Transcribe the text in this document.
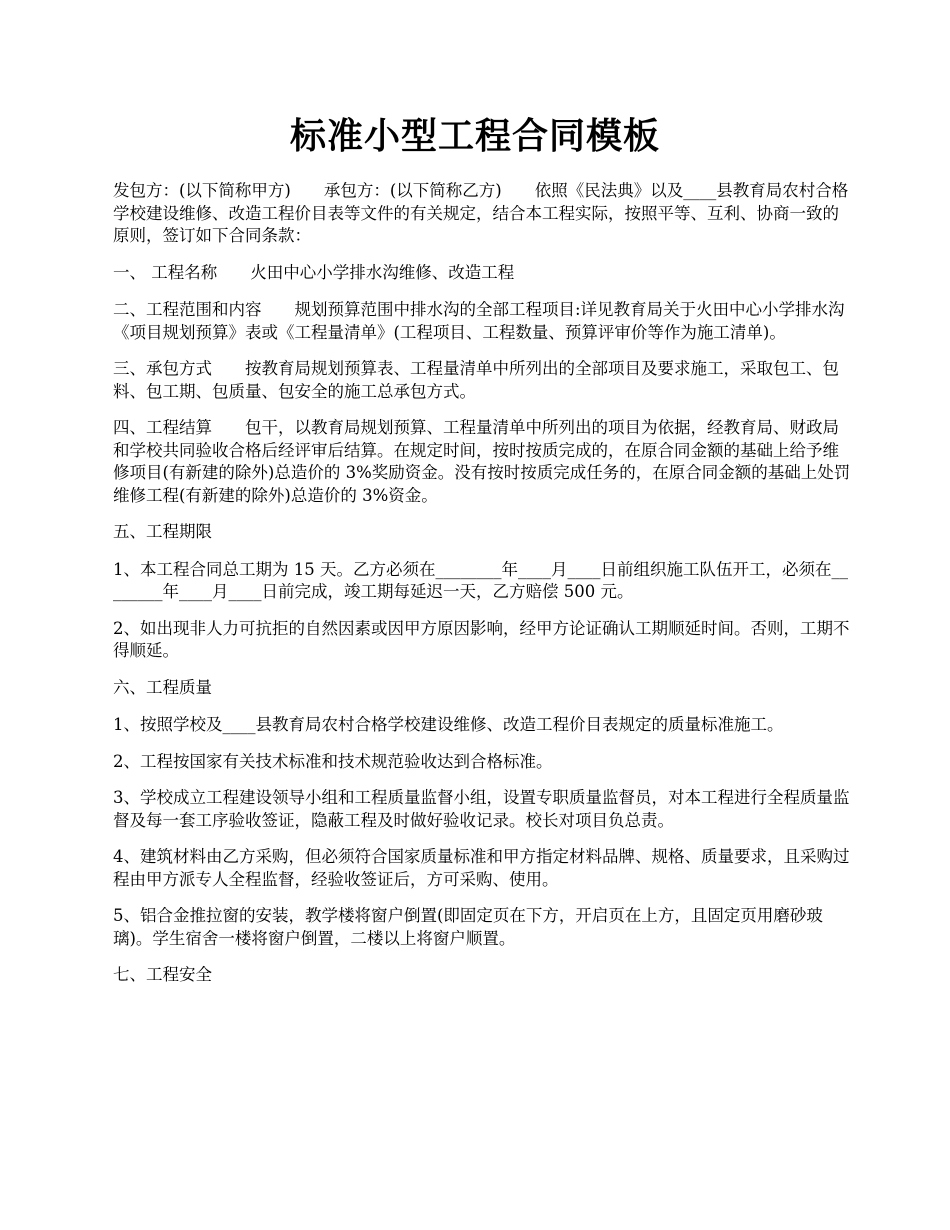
标准小型工程合同模板

发包方：(以下简称甲方)　　承包方：(以下简称乙方)　　依照《民法典》以及____县教育局农村合格学校建设维修、改造工程价目表等文件的有关规定，结合本工程实际，按照平等、互利、协商一致的原则，签订如下合同条款：

一、 工程名称　　火田中心小学排水沟维修、改造工程

二、工程范围和内容　　规划预算范围中排水沟的全部工程项目:详见教育局关于火田中心小学排水沟《项目规划预算》表或《工程量清单》(工程项目、工程数量、预算评审价等作为施工清单)。

三、承包方式　　按教育局规划预算表、工程量清单中所列出的全部项目及要求施工，采取包工、包料、包工期、包质量、包安全的施工总承包方式。

四、工程结算　　包干，以教育局规划预算、工程量清单中所列出的项目为依据，经教育局、财政局和学校共同验收合格后经评审后结算。在规定时间，按时按质完成的，在原合同金额的基础上给予维修项目(有新建的除外)总造价的 3%奖励资金。没有按时按质完成任务的，在原合同金额的基础上处罚维修工程(有新建的除外)总造价的 3%资金。

五、工程期限

1、本工程合同总工期为 15 天。乙方必须在________年____月____日前组织施工队伍开工，必须在________年____月____日前完成，竣工期每延迟一天，乙方赔偿 500 元。

2、如出现非人力可抗拒的自然因素或因甲方原因影响，经甲方论证确认工期顺延时间。否则，工期不得顺延。

六、工程质量

1、按照学校及____县教育局农村合格学校建设维修、改造工程价目表规定的质量标准施工。

2、工程按国家有关技术标准和技术规范验收达到合格标准。

3、学校成立工程建设领导小组和工程质量监督小组，设置专职质量监督员，对本工程进行全程质量监督及每一套工序验收签证，隐蔽工程及时做好验收记录。校长对项目负总责。

4、建筑材料由乙方采购，但必须符合国家质量标准和甲方指定材料品牌、规格、质量要求，且采购过程由甲方派专人全程监督，经验收签证后，方可采购、使用。

5、铝合金推拉窗的安装，教学楼将窗户倒置(即固定页在下方，开启页在上方，且固定页用磨砂玻璃)。学生宿舍一楼将窗户倒置，二楼以上将窗户顺置。

七、工程安全
